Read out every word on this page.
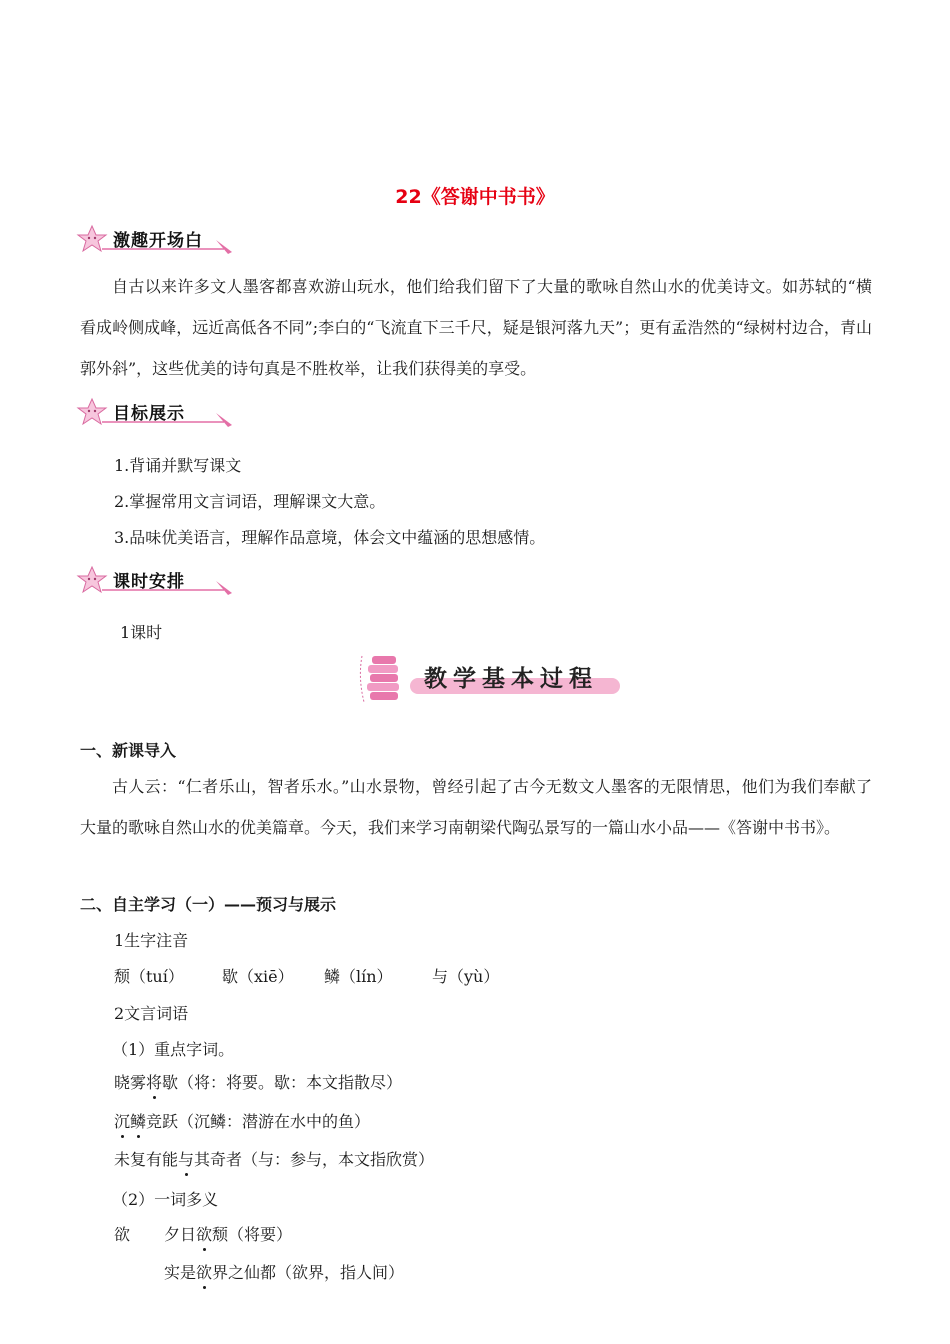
22《答谢中书书》
激趣开场白

自古以来许多文人墨客都喜欢游山玩水，他们给我们留下了大量的歌咏自然山水的优美诗文。如苏轼的“横看成岭侧成峰，远近高低各不同”;李白的“飞流直下三千尺，疑是银河落九天”；更有孟浩然的“绿树村边合，青山郭外斜”，这些优美的诗句真是不胜枚举，让我们获得美的享受。

目标展示
1.背诵并默写课文
2.掌握常用文言词语，理解课文大意。
3.品味优美语言，理解作品意境，体会文中蕴涵的思想感情。
课时安排
1课时
教学基本过程
一、新课导入

古人云：“仁者乐山，智者乐水。”山水景物，曾经引起了古今无数文人墨客的无限情思，他们为我们奉献了大量的歌咏自然山水的优美篇章。今天，我们来学习南朝梁代陶弘景写的一篇山水小品——《答谢中书书》。

二、自主学习（一）——预习与展示
1生字注音
颓（tuí） 歇（xiē） 鳞（lín） 与（yù）
2文言词语
（1）重点字词。
晓雾将歇（将：将要。歇：本文指散尽）
沉鳞竞跃（沉鳞：潜游在水中的鱼）
未复有能与其奇者（与：参与，本文指欣赏）
（2）一词多义
欲 夕日欲颓（将要）
实是欲界之仙都（欲界，指人间）
